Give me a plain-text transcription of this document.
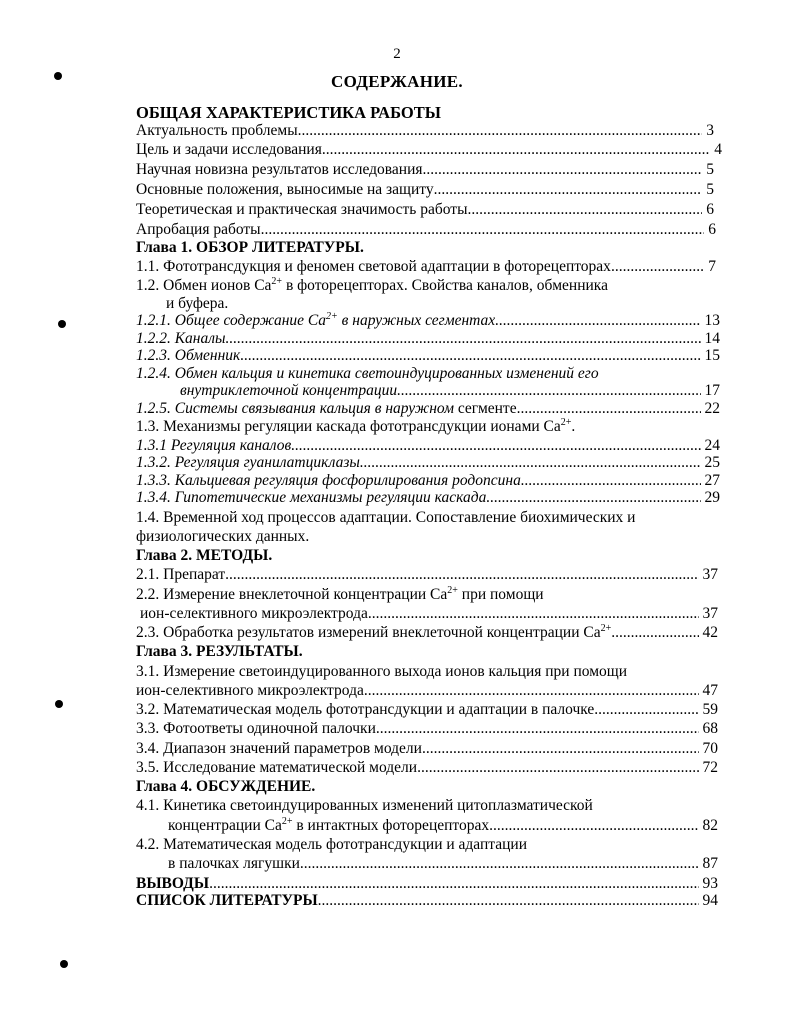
2
СОДЕРЖАНИЕ.
ОБЩАЯ ХАРАКТЕРИСТИКА РАБОТЫ
Актуальность проблемы .....	3
Цель и задачи исследования .....	4
Научная новизна результатов исследования .....	5
Основные положения, выносимые на защиту .....	5
Теоретическая и практическая значимость работы .....	6
Апробация работы .....	6
Глава 1. ОБЗОР ЛИТЕРАТУРЫ.
1.1. Фототрансдукция и феномен световой адаптации в фоторецепторах .....	7
1.2. Обмен ионов $Ca^{2+}$ в фоторецепторах. Свойства каналов, обменника
и буфера.
1.2.1. Общее содержание $Ca^{2+}$ в наружных сегментах .....	13
1.2.2. Каналы .....	14
1.2.3. Обменник .....	15
1.2.4. Обмен кальция и кинетика светоиндуцированных изменений его
внутриклеточной концентрации .....	17
1.2.5. Системы связывания кальция в наружном сегменте .....	22
1.3. Механизмы регуляции каскада фототрансдукции ионами $Ca^{2+}$.
1.3.1 Регуляция каналов .....	24
1.3.2. Регуляция гуанилатциклазы .....	25
1.3.3. Кальциевая регуляция фосфорилирования родопсина .....	27
1.3.4. Гипотетические механизмы регуляции каскада .....	29
1.4. Временной ход процессов адаптации. Сопоставление биохимических и
физиологических данных.
Глава 2. МЕТОДЫ.
2.1. Препарат .....	37
2.2. Измерение внеклеточной концентрации $Ca^{2+}$ при помощи
ион-селективного микроэлектрода .....	37
2.3. Обработка результатов измерений внеклеточной концентрации $Ca^{2+}$ .....	42
Глава 3. РЕЗУЛЬТАТЫ.
3.1. Измерение светоиндуцированного выхода ионов кальция при помощи
ион-селективного микроэлектрода .....	47
3.2. Математическая модель фототрансдукции и адаптации в палочке .....	59
3.3. Фотоответы одиночной палочки .....	68
3.4. Диапазон значений параметров модели .....	70
3.5. Исследование математической модели .....	72
Глава 4. ОБСУЖДЕНИЕ.
4.1. Кинетика светоиндуцированных изменений цитоплазматической
концентрации $Ca^{2+}$ в интактных фоторецепторах .....	82
4.2. Математическая модель фототрансдукции и адаптации
в палочках лягушки .....	87
ВЫВОДЫ .....	93
СПИСОК ЛИТЕРАТУРЫ .....	94
